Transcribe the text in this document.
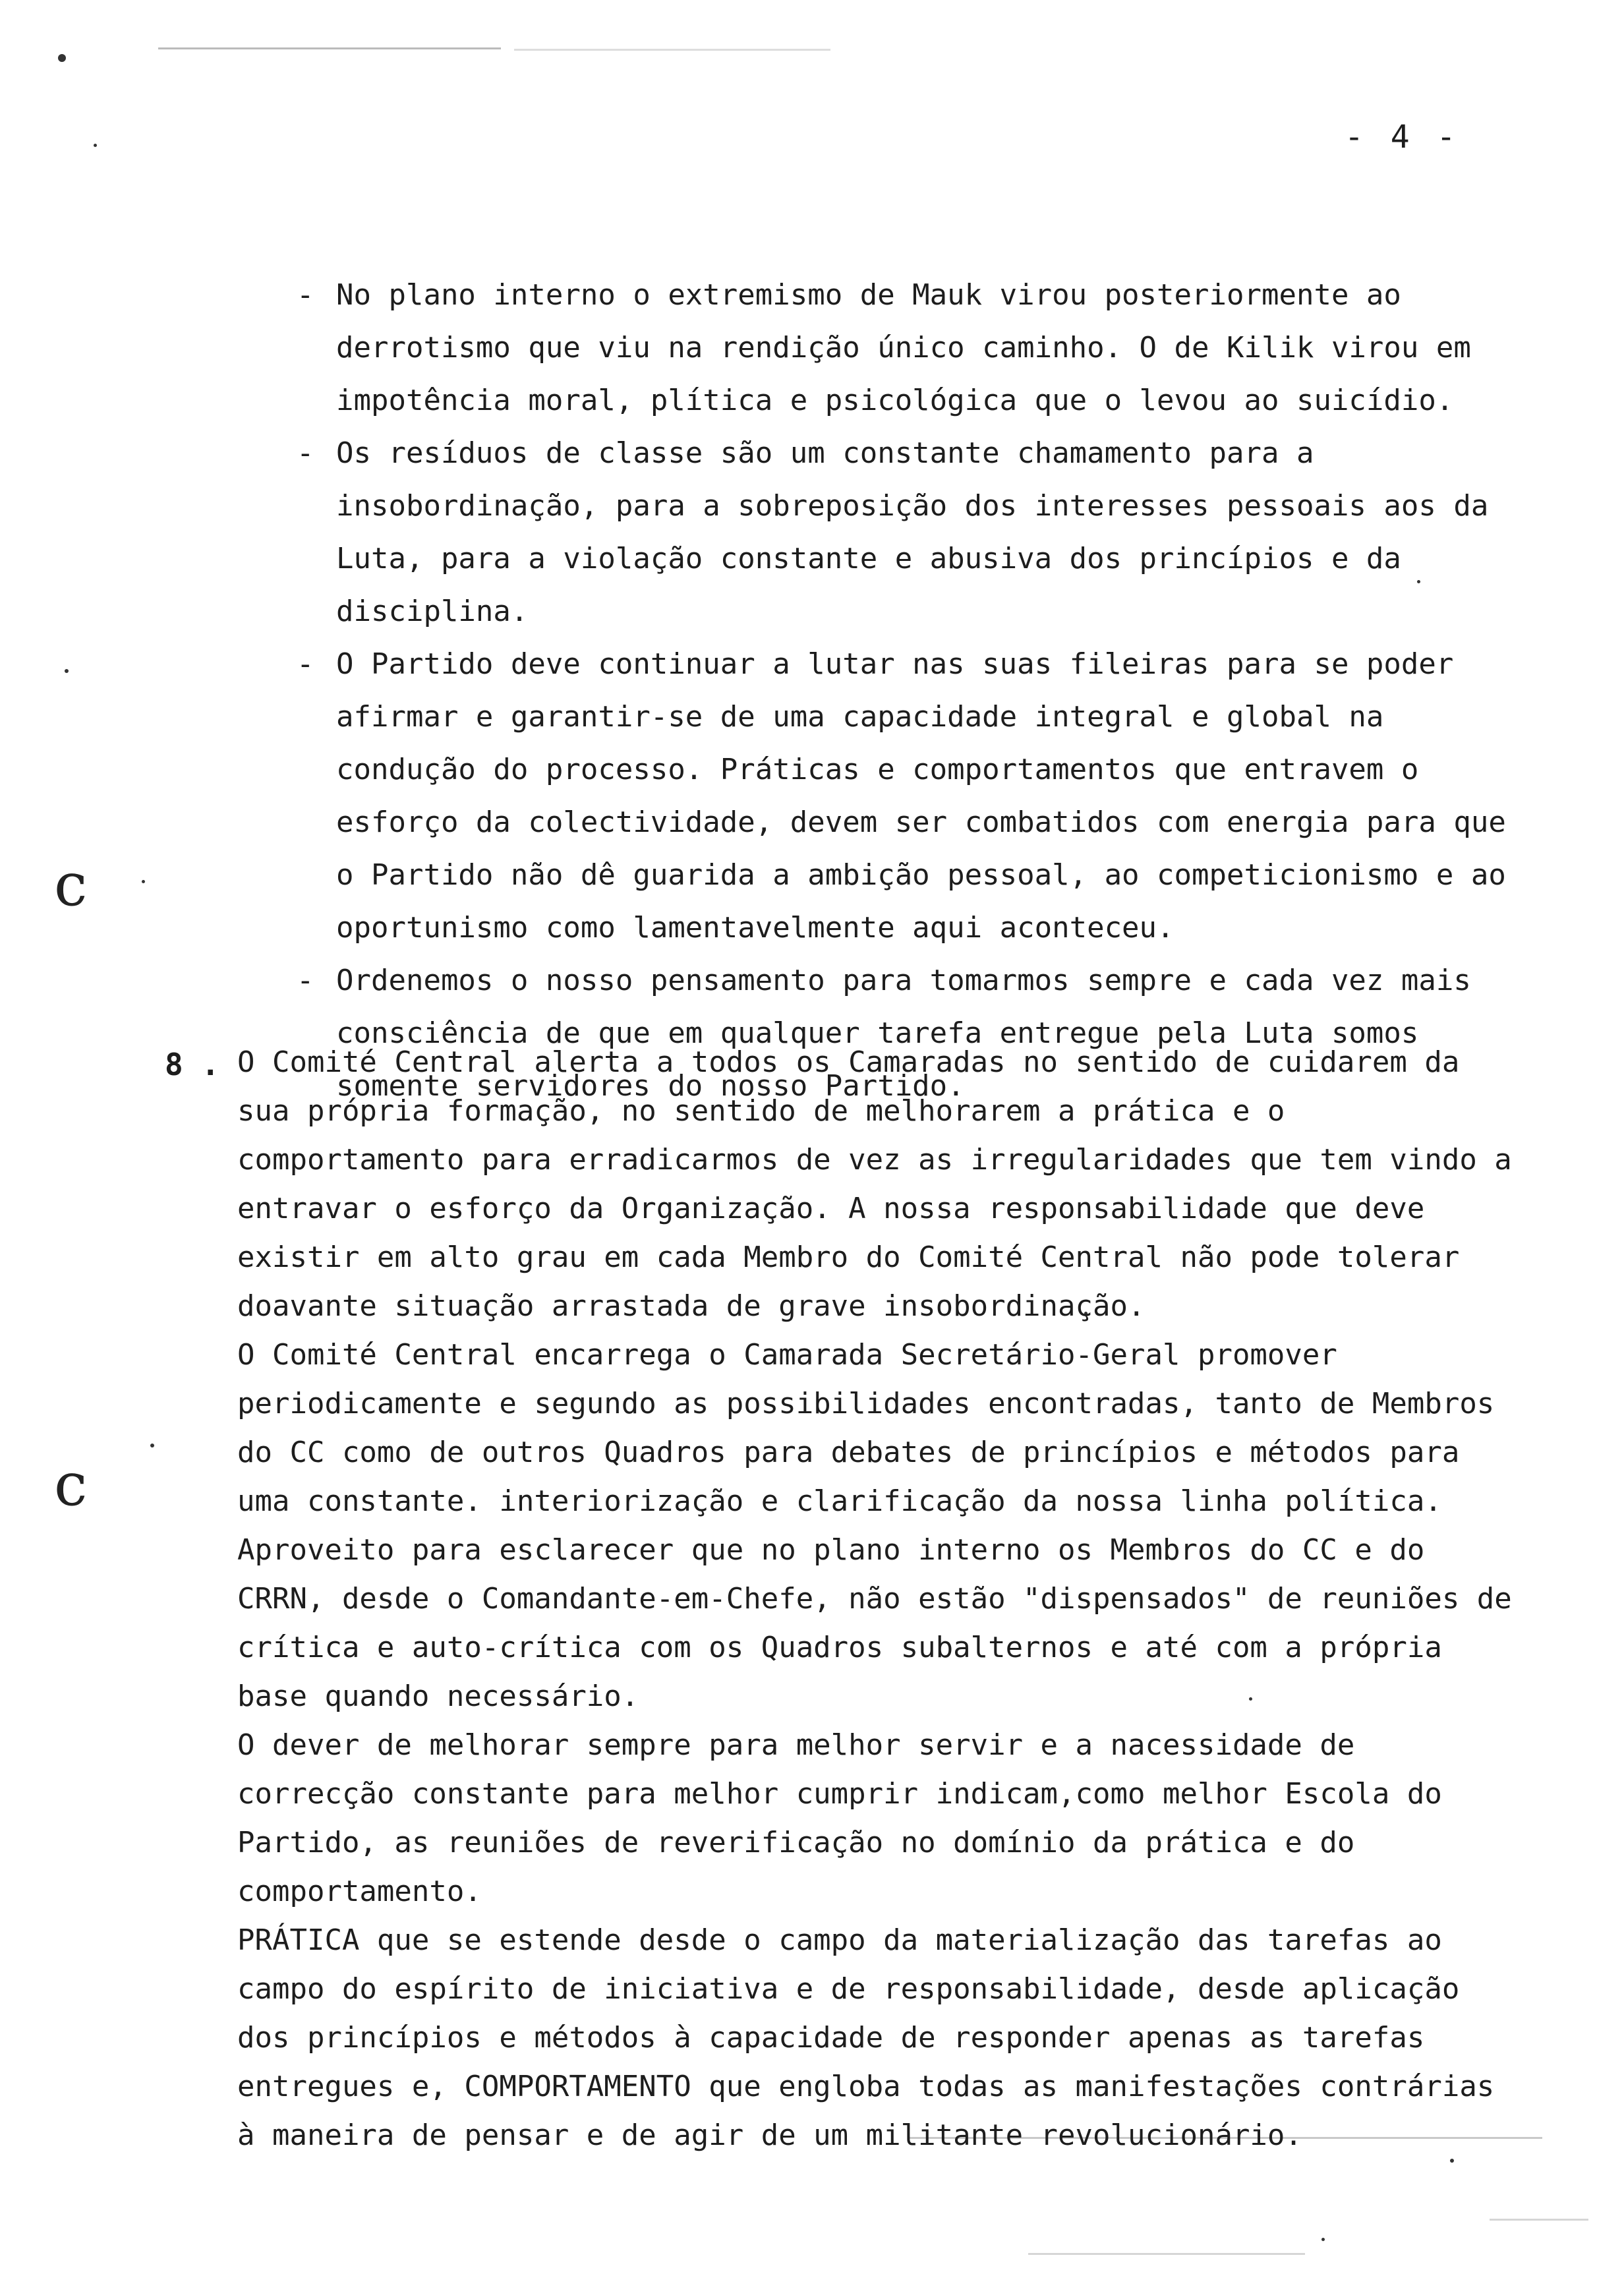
c
c
- 4 -
- No plano interno o extremismo de Mauk virou posteriormente ao derrotismo que viu na rendição único caminho. O de Kilik virou em impotência moral, plítica e psicológica que o levou ao suicídio.
- Os resíduos de classe são um constante chamamento para a insobordinação, para a sobreposição dos interesses pessoais aos da Luta, para a violação constante e abusiva dos princípios e da disciplina.
- O Partido deve continuar a lutar nas suas fileiras para se poder afirmar e garantir-se de uma capacidade integral e global na condução do processo. Práticas e comportamentos que entravem o esforço da colectividade, devem ser combatidos com energia para que o Partido não dê guarida a ambição pessoal, ao competicionismo e ao oportunismo como lamentavelmente aqui aconteceu.
- Ordenemos o nosso pensamento para tomarmos sempre e cada vez mais consciência de que em qualquer tarefa entregue pela Luta somos somente servidores do nosso Partido.
8 . O Comité Central alerta a todos os Camaradas no sentido de cuidarem da sua própria formação, no sentido de melhorarem a prática e o comportamento para erradicarmos de vez as irregularidades que tem vindo a entravar o esforço da Organização. A nossa responsabilidade que deve existir em alto grau em cada Membro do Comité Central não pode tolerar doavante situação arrastada de grave insobordinação.

O Comité Central encarrega o Camarada Secretário-Geral promover periodicamente e segundo as possibilidades encontradas, tanto de Membros do CC como de outros Quadros para debates de princípios e métodos para uma constante. interiorização e clarificação da nossa linha política.

Aproveito para esclarecer que no plano interno os Membros do CC e do CRRN, desde o Comandante-em-Chefe, não estão "dispensados" de reuniões de crítica e auto-crítica com os Quadros subalternos e até com a própria base quando necessário.

O dever de melhorar sempre para melhor servir e a nacessidade de correcção constante para melhor cumprir indicam,como melhor Escola do Partido, as reuniões de reverificação no domínio da prática e do comportamento.

PRÁTICA que se estende desde o campo da materialização das tarefas ao campo do espírito de iniciativa e de responsabilidade, desde aplicação dos princípios e métodos à capacidade de responder apenas as tarefas entregues e, COMPORTAMENTO que engloba todas as manifestações contrárias à maneira de pensar e de agir de um militante revolucionário.
